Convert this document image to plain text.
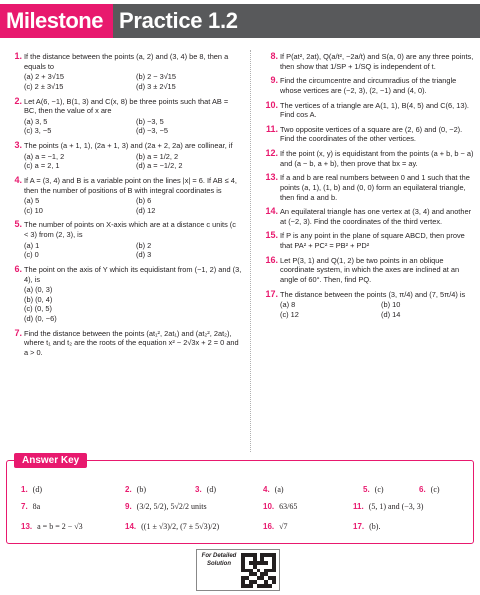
Milestone Practice 1.2
1. If the distance between the points (a, 2) and (3, 4) be 8, then a equals to
(a) 2 + 3√15	(b) 2 − 3√15
(c) 2 ± 3√15	(d) 3 ± 2√15
2. Let A(6, −1), B(1, 3) and C(x, 8) be three points such that AB = BC, then the value of x are
(a) 3, 5	(b) −3, 5
(c) 3, −5	(d) −3, −5
3. The points (a + 1, 1), (2a + 1, 3) and (2a + 2, 2a) are collinear, if
(a) a = −1, 2	(b) a = 1/2, 2
(c) a = 2, 1	(d) a = −1/2, 2
4. If A = (3, 4) and B is a variable point on the lines |x| = 6. If AB ≤ 4, then the number of positions of B with integral coordinates is
(a) 5	(b) 6
(c) 10	(d) 12
5. The number of points on X-axis which are at a distance c units (c < 3) from (2, 3), is
(a) 1	(b) 2
(c) 0	(d) 3
6. The point on the axis of Y which its equidistant from (−1, 2) and (3, 4), is
(a) (0, 3)
(b) (0, 4)
(c) (0, 5)
(d) (0, −6)
7. Find the distance between the points (at₁², 2at₁) and (at₂², 2at₂), where t₁ and t₂ are the roots of the equation x² − 2√3x + 2 = 0 and a > 0.
8. If P(at², 2at), Q(a/t², −2a/t) and S(a, 0) are any three points, then show that 1/SP + 1/SQ is independent of t.
9. Find the circumcentre and circumradius of the triangle whose vertices are (−2, 3), (2, −1) and (4, 0).
10. The vertices of a triangle are A(1, 1), B(4, 5) and C(6, 13). Find cos A.
11. Two opposite vertices of a square are (2, 6) and (0, −2). Find the coordinates of the other vertices.
12. If the point (x, y) is equidistant from the points (a + b, b − a) and (a − b, a + b), then prove that bx = ay.
13. If a and b are real numbers between 0 and 1 such that the points (a, 1), (1, b) and (0, 0) form an equilateral triangle, then find a and b.
14. An equilateral triangle has one vertex at (3, 4) and another at (−2, 3). Find the coordinates of the third vertex.
15. If P is any point in the plane of square ABCD, then prove that PA² + PC² = PB² + PD²
16. Let P(3, 1) and Q(1, 2) be two points in an oblique coordinate system, in which the axes are inclined at an angle of 60°. Then, find PQ.
17. The distance between the points (3, π/4) and (7, 5π/4) is
(a) 8	(b) 10
(c) 12	(d) 14
1. (d)	2. (b)	3. (d)	4. (a)	5. (c)	6. (c)
7. 8a	9. (3/2, 5/2), 5√2/2 units	10. 63/65	11. (5, 1) and (−3, 3)
13. a = b = 2 − √3	14. ((1 ± √3)/2, (7 ± 5√3)/2)	16. √7	17. (b).
Answer Key
For Detailed Solution
